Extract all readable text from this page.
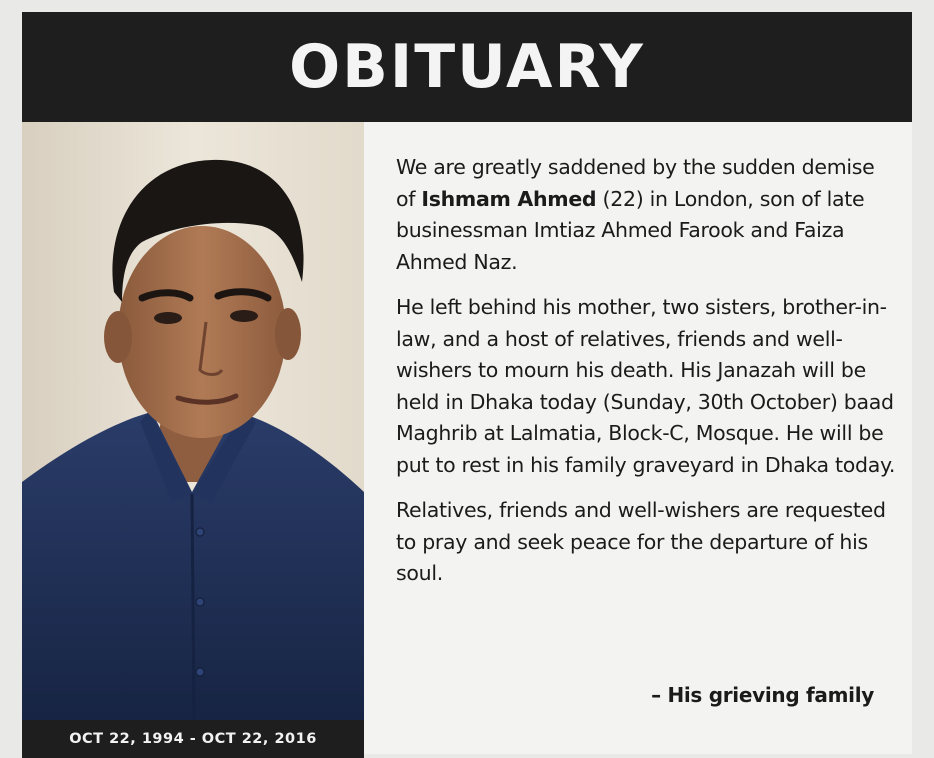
OBITUARY
OCT 22, 1994 - OCT 22, 2016

We are greatly saddened by the sudden demise of Ishmam Ahmed (22) in London, son of late businessman Imtiaz Ahmed Farook and Faiza Ahmed Naz.

He left behind his mother, two sisters, brother-in-law, and a host of relatives, friends and well-wishers to mourn his death. His Janazah will be held in Dhaka today (Sunday, 30th October) baad Maghrib at Lalmatia, Block-C, Mosque. He will be put to rest in his family graveyard in Dhaka today.

Relatives, friends and well-wishers are requested to pray and seek peace for the departure of his soul.

– His grieving family
